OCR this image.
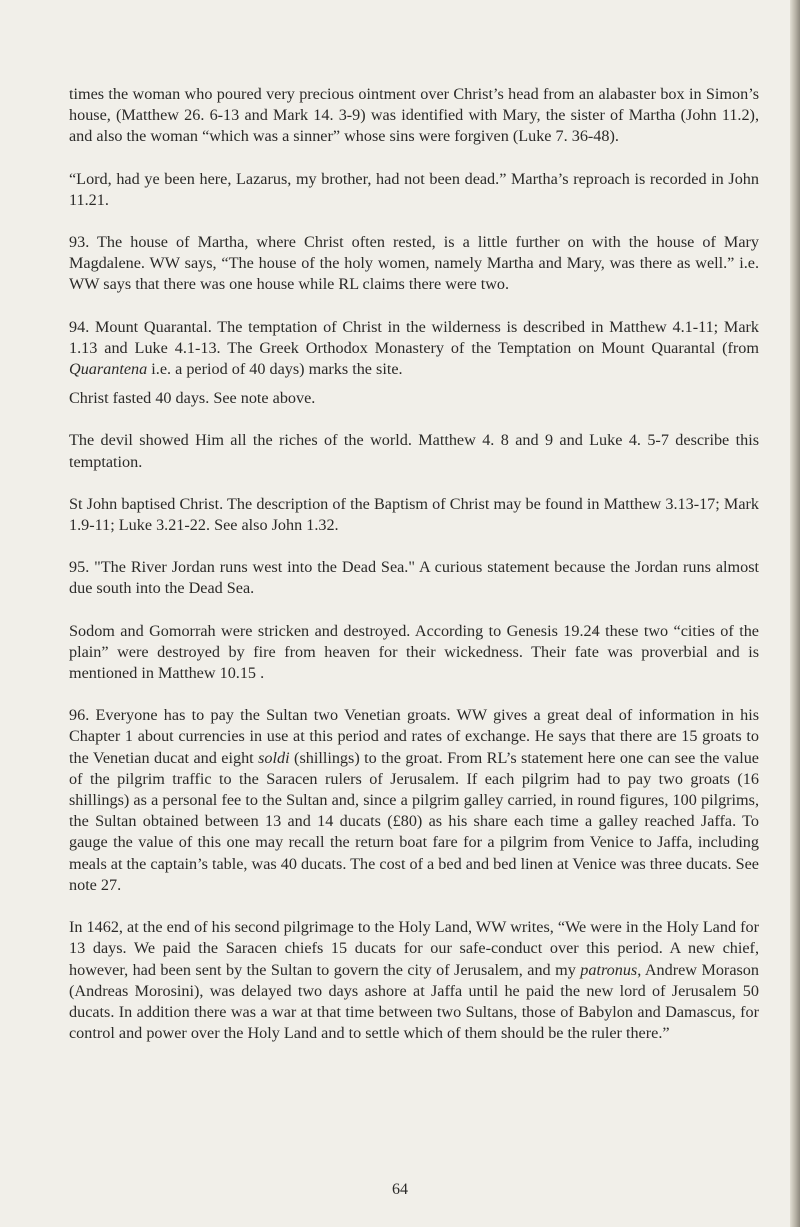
times the woman who poured very precious ointment over Christ’s head from an alabaster box in Simon’s house, (Matthew 26. 6-13 and Mark 14. 3-9) was identified with Mary, the sister of Martha (John 11.2), and also the woman “which was a sinner” whose sins were forgiven (Luke 7. 36-48).

“Lord, had ye been here, Lazarus, my brother, had not been dead.” Martha’s reproach is recorded in John 11.21.

93. The house of Martha, where Christ often rested, is a little further on with the house of Mary Magdalene. WW says, “The house of the holy women, namely Martha and Mary, was there as well.” i.e. WW says that there was one house while RL claims there were two.

94. Mount Quarantal. The temptation of Christ in the wilderness is described in Matthew 4.1-11; Mark 1.13 and Luke 4.1-13. The Greek Orthodox Monastery of the Temptation on Mount Quarantal (from Quarantena i.e. a period of 40 days) marks the site.

Christ fasted 40 days. See note above.

The devil showed Him all the riches of the world. Matthew 4. 8 and 9 and Luke 4. 5-7 describe this temptation.

St John baptised Christ. The description of the Baptism of Christ may be found in Matthew 3.13-17; Mark 1.9-11; Luke 3.21-22. See also John 1.32.

95. "The River Jordan runs west into the Dead Sea." A curious statement because the Jordan runs almost due south into the Dead Sea.

Sodom and Gomorrah were stricken and destroyed. According to Genesis 19.24 these two “cities of the plain” were destroyed by fire from heaven for their wickedness. Their fate was proverbial and is mentioned in Matthew 10.15 .

96. Everyone has to pay the Sultan two Venetian groats. WW gives a great deal of information in his Chapter 1 about currencies in use at this period and rates of exchange. He says that there are 15 groats to the Venetian ducat and eight soldi (shillings) to the groat. From RL’s statement here one can see the value of the pilgrim traffic to the Saracen rulers of Jerusalem. If each pilgrim had to pay two groats (16 shillings) as a personal fee to the Sultan and, since a pilgrim galley carried, in round figures, 100 pilgrims, the Sultan obtained between 13 and 14 ducats (£80) as his share each time a galley reached Jaffa. To gauge the value of this one may recall the return boat fare for a pilgrim from Venice to Jaffa, including meals at the captain’s table, was 40 ducats. The cost of a bed and bed linen at Venice was three ducats. See note 27.

In 1462, at the end of his second pilgrimage to the Holy Land, WW writes, “We were in the Holy Land for 13 days. We paid the Saracen chiefs 15 ducats for our safe-conduct over this period. A new chief, however, had been sent by the Sultan to govern the city of Jerusalem, and my patronus, Andrew Morason (Andreas Morosini), was delayed two days ashore at Jaffa until he paid the new lord of Jerusalem 50 ducats. In addition there was a war at that time between two Sultans, those of Babylon and Damascus, for control and power over the Holy Land and to settle which of them should be the ruler there.”

64
